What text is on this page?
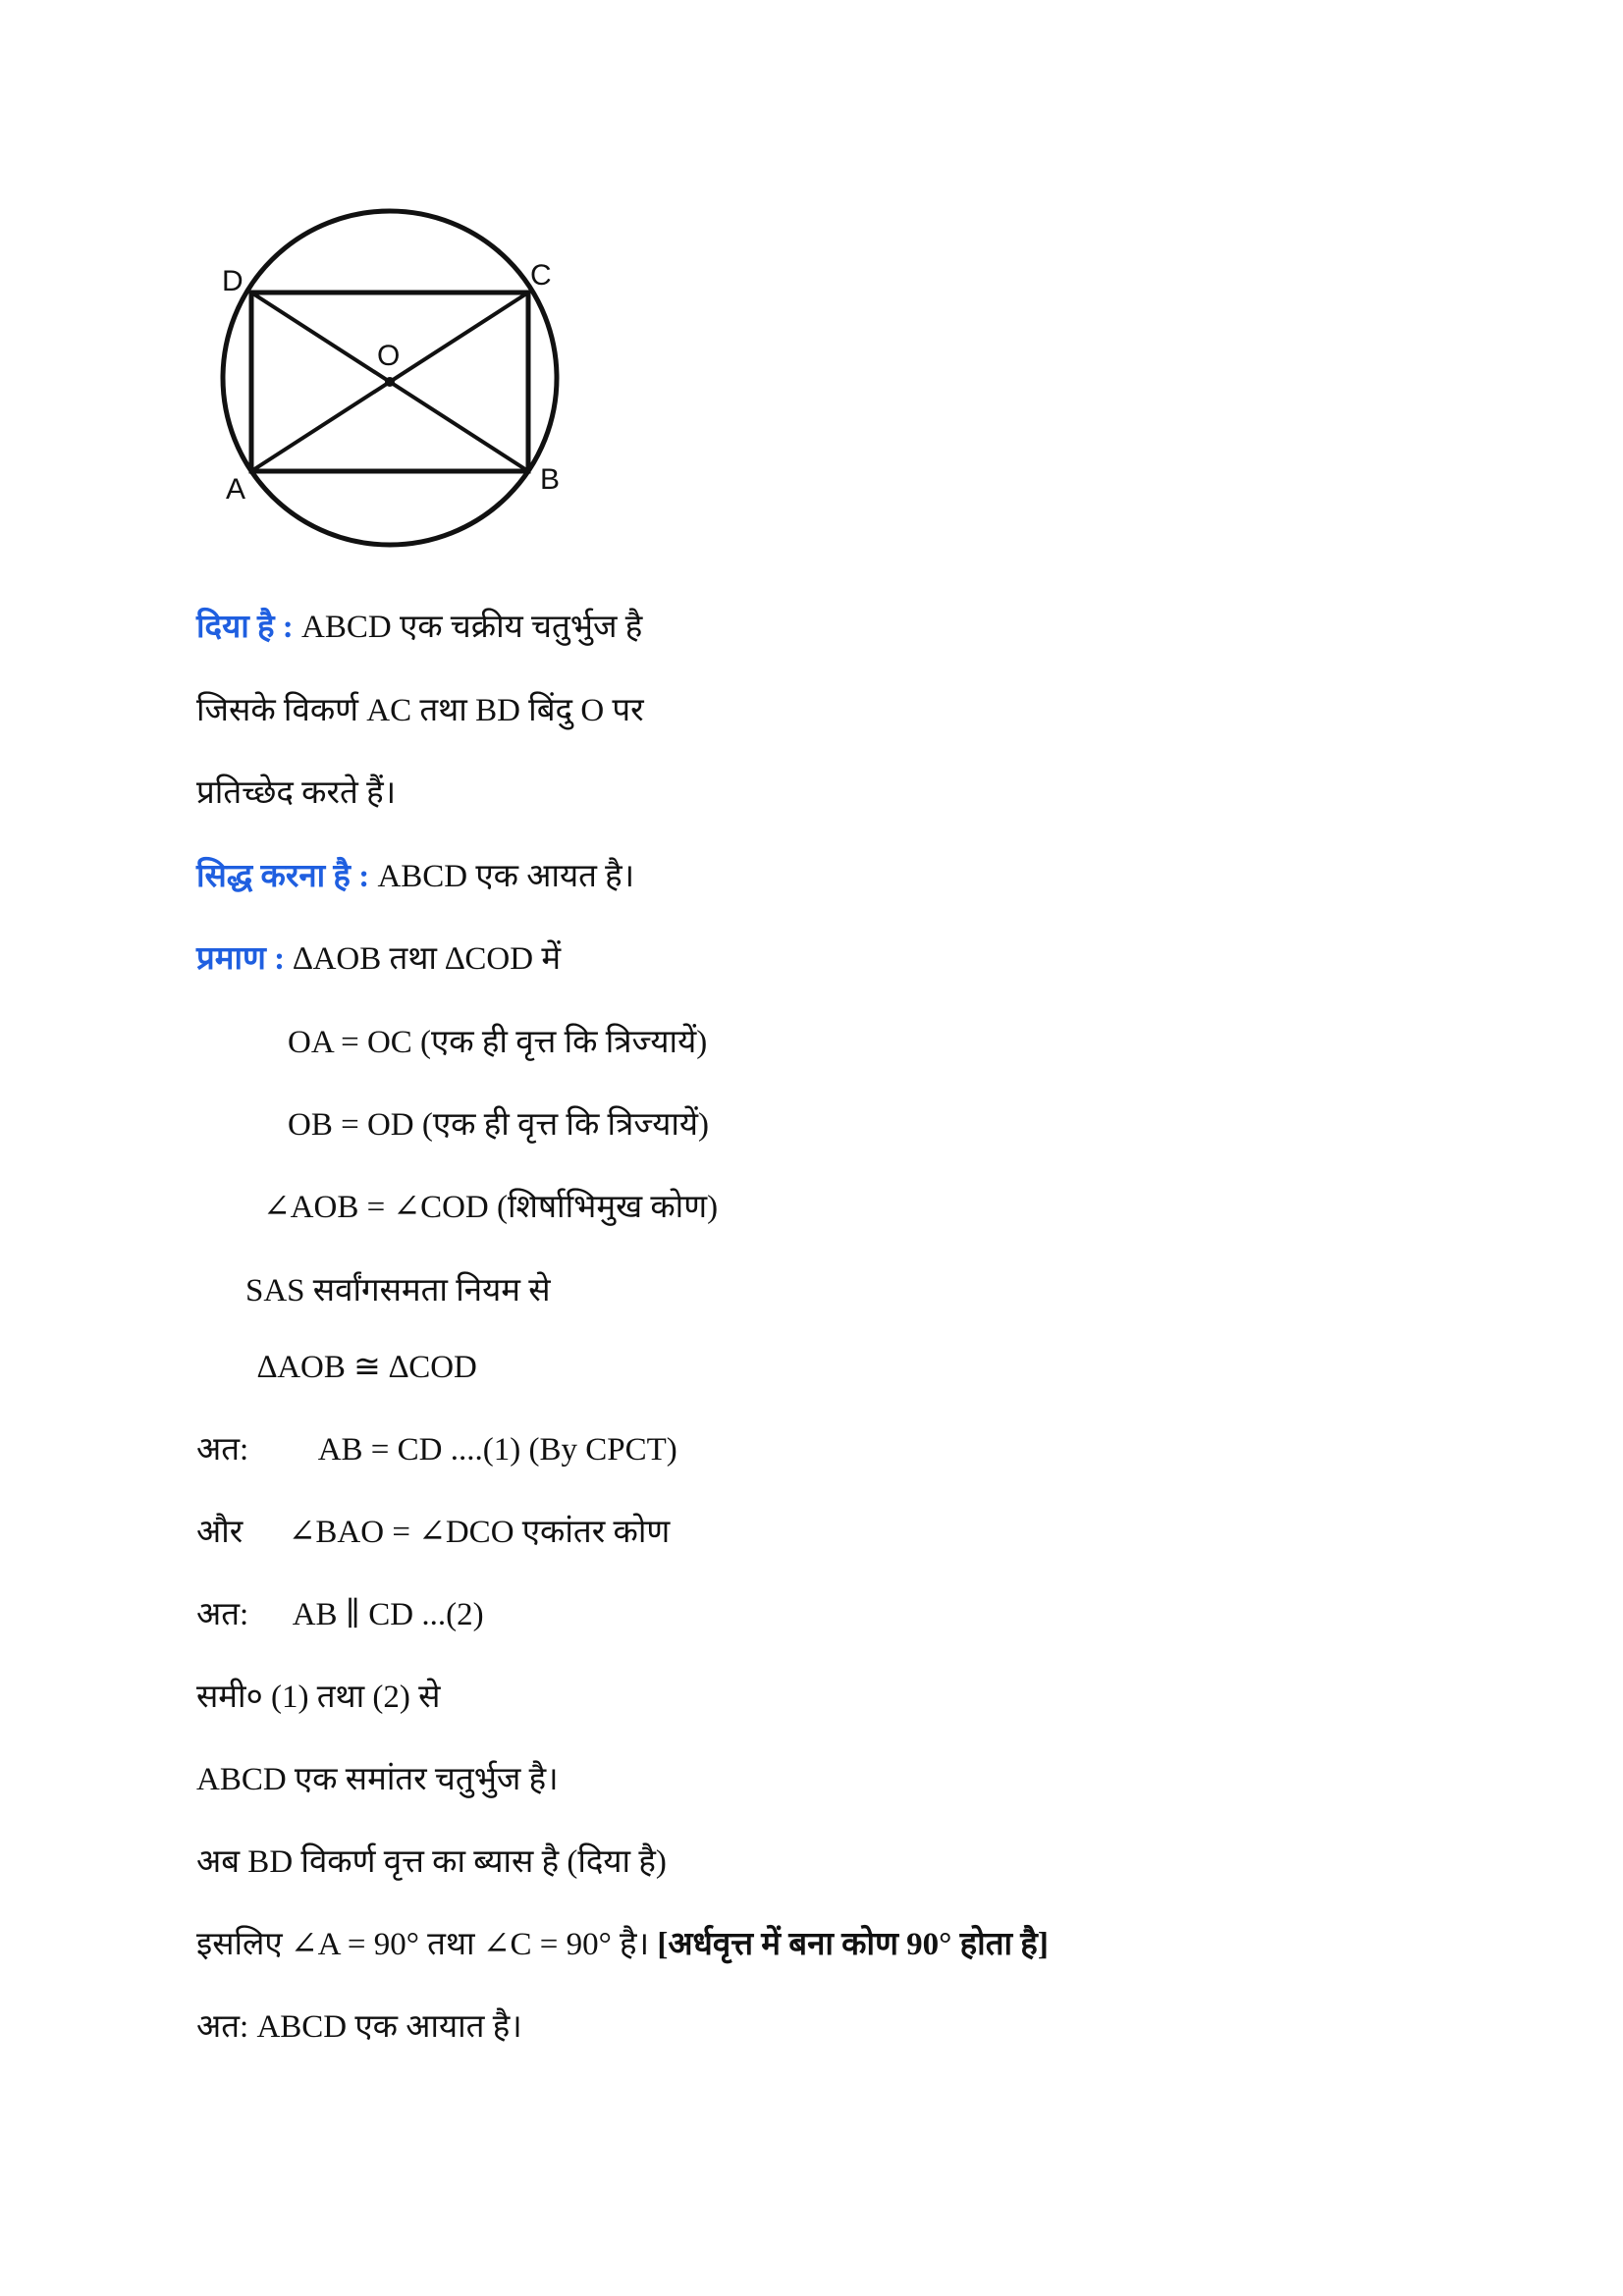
D	C
O
A	B
दिया है : ABCD एक चक्रीय चतुर्भुज है
जिसके विकर्ण AC तथा BD बिंदु O पर
प्रतिच्छेद करते हैं।
सिद्ध करना है : ABCD एक आयत है।
प्रमाण : ∆AOB तथा ∆COD में
OA = OC (एक ही वृत्त कि त्रिज्यायें)
OB = OD (एक ही वृत्त कि त्रिज्यायें)
∠AOB = ∠COD (शिर्षाभिमुख कोण)
SAS सर्वांगसमता नियम से
∆AOB ≅ ∆COD
अत: AB = CD ....(1) (By CPCT)
और ∠BAO = ∠DCO एकांतर कोण
अत: AB ∥ CD ...(2)
समी० (1) तथा (2) से
ABCD एक समांतर चतुर्भुज है।
अब BD विकर्ण वृत्त का ब्यास है (दिया है)
इसलिए ∠A = 90° तथा ∠C = 90° है। [अर्धवृत्त में बना कोण 90° होता है]
अत: ABCD एक आयात है।
